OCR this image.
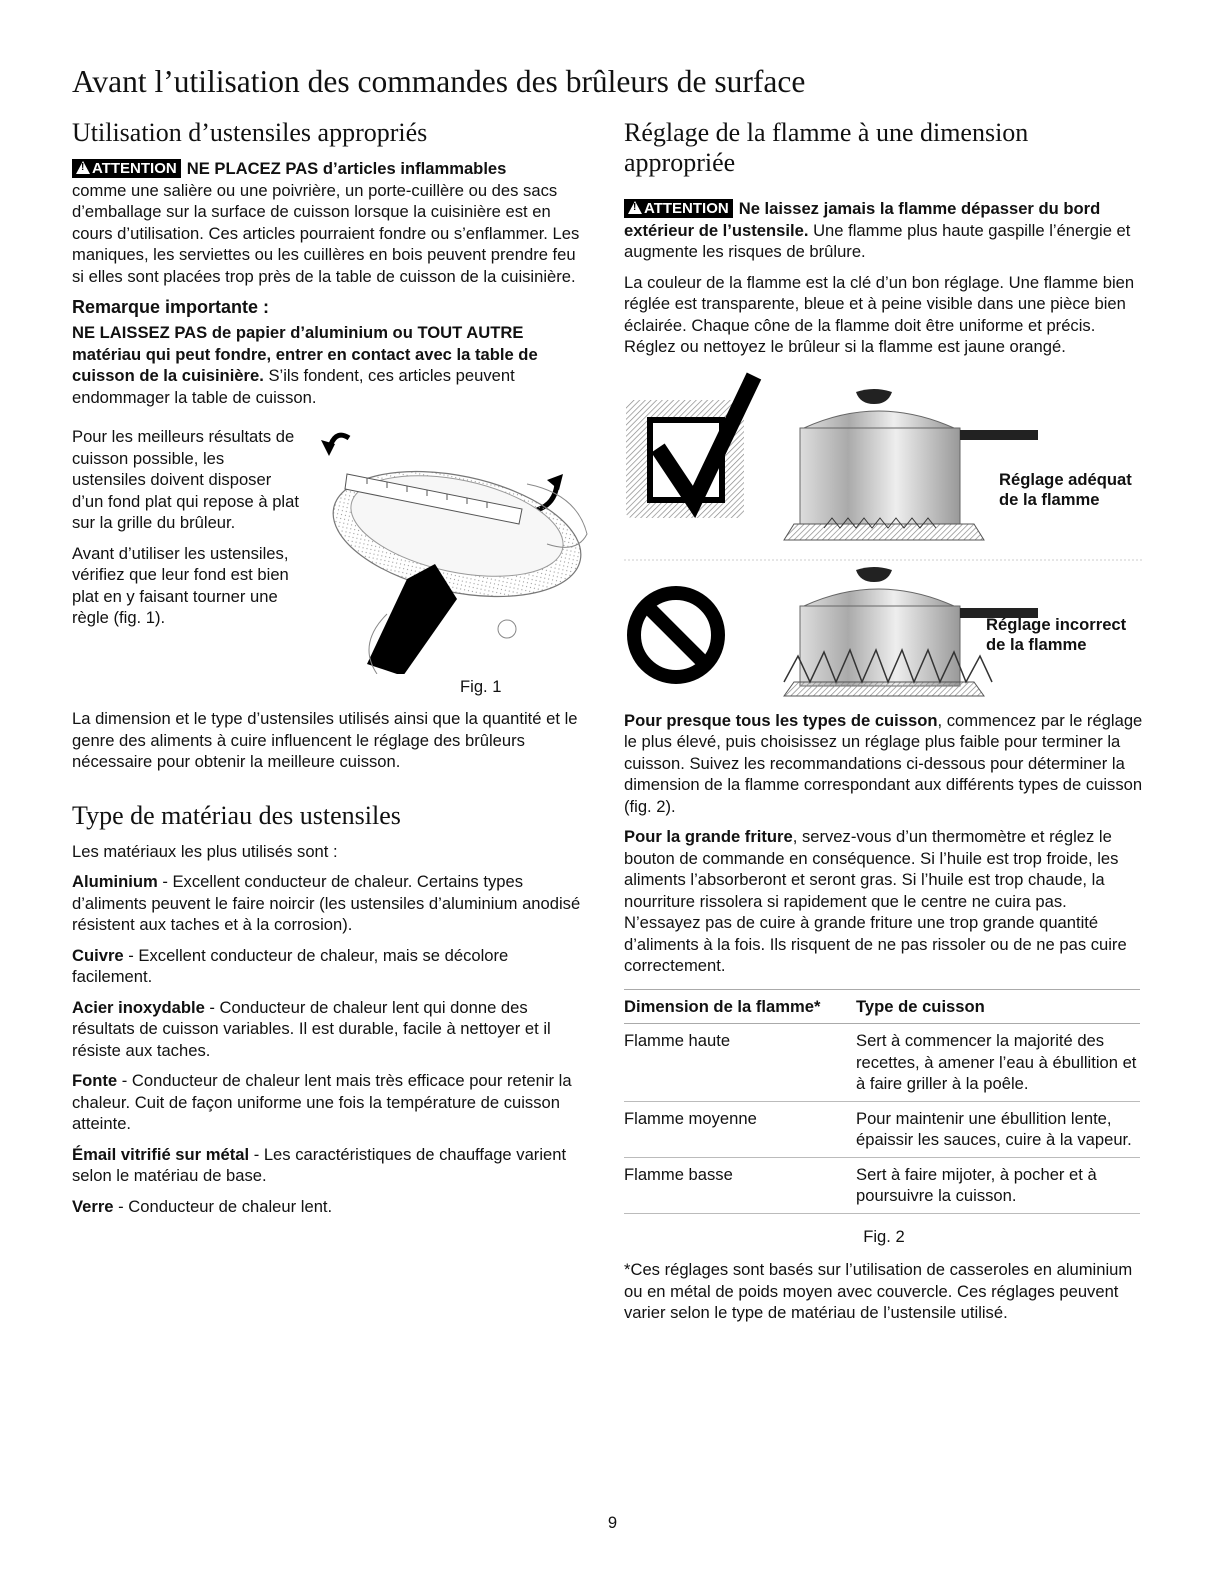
Avant l’utilisation des commandes des brûleurs de surface
Utilisation d’ustensiles appropriés

!ATTENTION NE PLACEZ PAS d’articles inflammables
comme une salière ou une poivrière, un porte-cuillère ou des sacs d’emballage sur la surface de cuisson lorsque la cuisinière est en cours d’utilisation. Ces articles pourraient fondre ou s’enflammer. Les maniques, les serviettes ou les cuillères en bois peuvent prendre feu si elles sont placées trop près de la table de cuisson de la cuisinière.

Remarque importante :

NE LAISSEZ PAS de papier d’aluminium ou TOUT AUTRE matériau qui peut fondre, entrer en contact avec la table de cuisson de la cuisinière. S’ils fondent, ces articles peuvent endommager la table de cuisson.

Pour les meilleurs résultats de cuisson possible, les ustensiles doivent disposer d’un fond plat qui repose à plat sur la grille du brûleur.

Avant d’utiliser les ustensiles, vérifiez que leur fond est bien plat en y faisant tourner une règle (fig. 1).

Fig. 1

La dimension et le type d’ustensiles utilisés ainsi que la quantité et le genre des aliments à cuire influencent le réglage des brûleurs nécessaire pour obtenir la meilleure cuisson.

Type de matériau des ustensiles

Les matériaux les plus utilisés sont :

Aluminium - Excellent conducteur de chaleur. Certains types d’aliments peuvent le faire noircir (les ustensiles d’aluminium anodisé résistent aux taches et à la corrosion).

Cuivre - Excellent conducteur de chaleur, mais se décolore facilement.

Acier inoxydable - Conducteur de chaleur lent qui donne des résultats de cuisson variables. Il est durable, facile à nettoyer et il résiste aux taches.

Fonte - Conducteur de chaleur lent mais très efficace pour retenir la chaleur. Cuit de façon uniforme une fois la température de cuisson atteinte.

Émail vitrifié sur métal - Les caractéristiques de chauffage varient selon le matériau de base.

Verre - Conducteur de chaleur lent.

Réglage de la flamme à une dimension appropriée

!ATTENTION Ne laissez jamais la flamme dépasser du bord extérieur de l’ustensile. Une flamme plus haute gaspille l’énergie et augmente les risques de brûlure.

La couleur de la flamme est la clé d’un bon réglage. Une flamme bien réglée est transparente, bleue et à peine visible dans une pièce bien éclairée. Chaque cône de la flamme doit être uniforme et précis. Réglez ou nettoyez le brûleur si la flamme est jaune orangé.

Réglage adéquat
de la flamme
Réglage incorrect
de la flamme

Pour presque tous les types de cuisson, commencez par le réglage le plus élevé, puis choisissez un réglage plus faible pour terminer la cuisson. Suivez les recommandations ci-dessous pour déterminer la dimension de la flamme correspondant aux différents types de cuisson (fig. 2).

Pour la grande friture, servez-vous d’un thermomètre et réglez le bouton de commande en conséquence. Si l’huile est trop froide, les aliments l’absorberont et seront gras. Si l’huile est trop chaude, la nourriture rissolera si rapidement que le centre ne cuira pas. N’essayez pas de cuire à grande friture une trop grande quantité d’aliments à la fois. Ils risquent de ne pas rissoler ou de ne pas cuire correctement.

Dimension de la flamme*	Type de cuisson
Flamme haute	Sert à commencer la majorité des recettes, à amener l’eau à ébullition et à faire griller à la poêle.
Flamme moyenne	Pour maintenir une ébullition lente, épaissir les sauces, cuire à la vapeur.
Flamme basse	Sert à faire mijoter, à pocher et à poursuivre la cuisson.
Fig. 2

*Ces réglages sont basés sur l’utilisation de casseroles en aluminium ou en métal de poids moyen avec couvercle. Ces réglages peuvent varier selon le type de matériau de l’ustensile utilisé.

9
